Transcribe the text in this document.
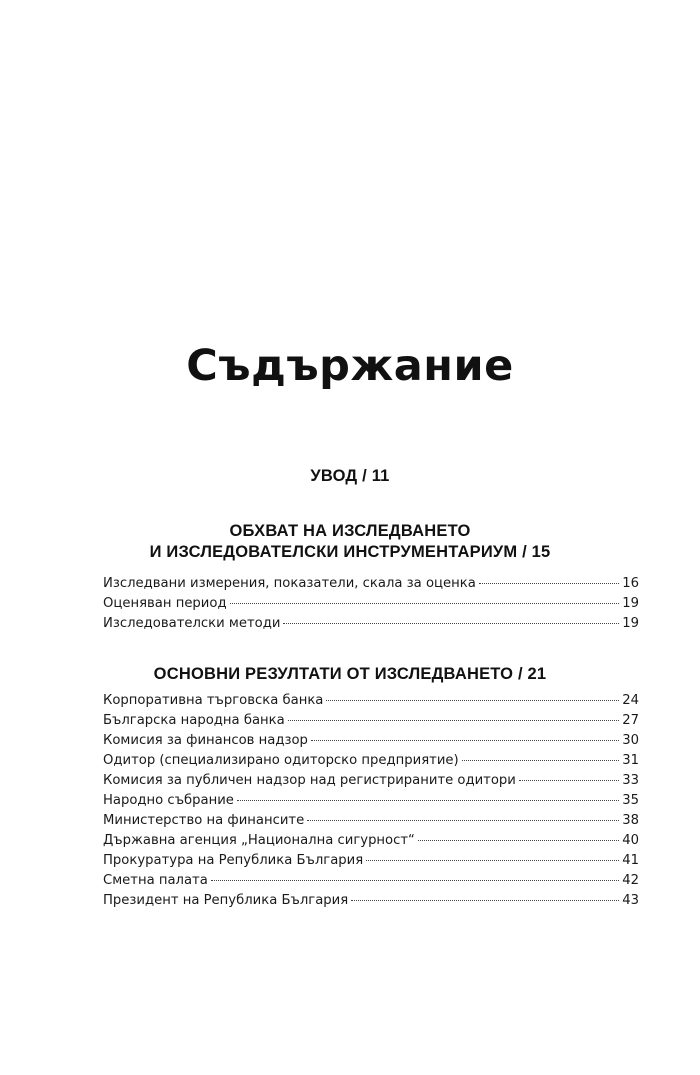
Съдържание
УВОД / 11
ОБХВАТ НА ИЗСЛЕДВАНЕТО
И ИЗСЛЕДОВАТЕЛСКИ ИНСТРУМЕНТАРИУМ / 15
Изследвани измерения, показатели, скала за оценка	16
Оценяван период	19
Изследователски методи	19
ОСНОВНИ РЕЗУЛТАТИ ОТ ИЗСЛЕДВАНЕТО / 21
Корпоративна търговска банка	24
Българска народна банка	27
Комисия за финансов надзор	30
Одитор (специализирано одиторско предприятие)	31
Комисия за публичен надзор над регистрираните одитори	33
Народно събрание	35
Министерство на финансите	38
Държавна агенция „Национална сигурност“	40
Прокуратура на Република България	41
Сметна палата	42
Президент на Република България	43
